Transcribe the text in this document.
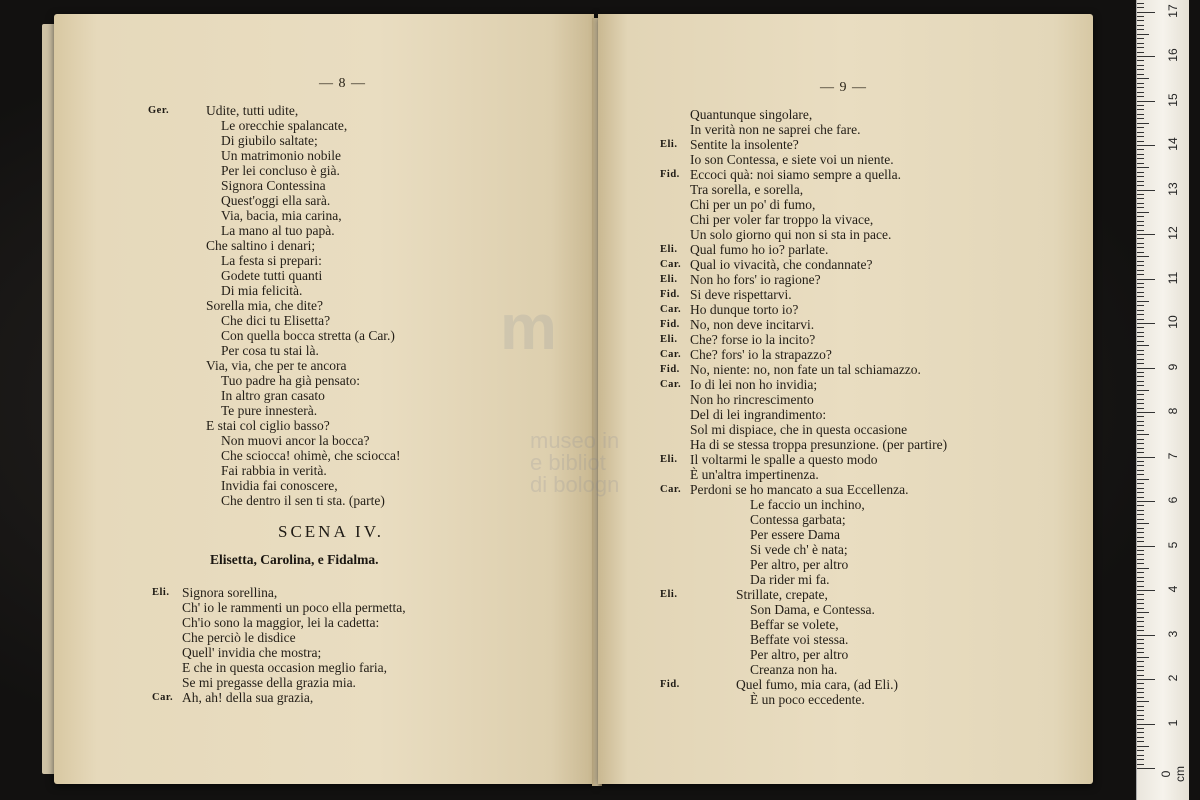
— 8 —
Ger.	Udite, tutti udite,
Le orecchie spalancate,
Di giubilo saltate;
Un matrimonio nobile
Per lei concluso è già.
Signora Contessina
Quest'oggi ella sarà.
Via, bacia, mia carina,
La mano al tuo papà.
Che saltino i denari;
La festa si prepari:
Godete tutti quanti
Di mia felicità.
Sorella mia, che dite?
Che dici tu Elisetta?
Con quella bocca stretta (a Car.)
Per cosa tu stai là.
Via, via, che per te ancora
Tuo padre ha già pensato:
In altro gran casato
Te pure innesterà.
E stai col ciglio basso?
Non muovi ancor la bocca?
Che sciocca! ohimè, che sciocca!
Fai rabbia in verità.
Invidia fai conoscere,
Che dentro il sen ti sta. (parte)
SCENA IV.
Elisetta, Carolina, e Fidalma.
Eli. Signora sorellina,
Ch' io le rammenti un poco ella permetta,
Ch'io sono la maggior, lei la cadetta:
Che perciò le disdice
Quell' invidia che mostra;
E che in questa occasion meglio faria,
Se mi pregasse della grazia mia.
Car. Ah, ah! della sua grazia,
— 9 —
Quantunque singolare,
In verità non ne saprei che fare.
Eli. Sentite la insolente?
Io son Contessa, e siete voi un niente.
Fid. Eccoci quà: noi siamo sempre a quella.
Tra sorella, e sorella,
Chi per un po' di fumo,
Chi per voler far troppo la vivace,
Un solo giorno qui non si sta in pace.
Eli. Qual fumo ho io? parlate.
Car. Qual io vivacità, che condannate?
Eli. Non ho fors' io ragione?
Fid. Si deve rispettarvi.
Car. Ho dunque torto io?
Fid. No, non deve incitarvi.
Eli. Che? forse io la incito?
Car. Che? fors' io la strapazzo?
Fid. No, niente: no, non fate un tal schiamazzo.
Car. Io di lei non ho invidia;
Non ho rincrescimento
Del di lei ingrandimento:
Sol mi dispiace, che in questa occasione
Ha di se stessa troppa presunzione. (per partire)
Eli. Il voltarmi le spalle a questo modo
È un'altra impertinenza.
Car. Perdoni se ho mancato a sua Eccellenza.
Le faccio un inchino,
Contessa garbata;
Per essere Dama
Si vede ch' è nata;
Per altro, per altro
Da rider mi fa.
Eli.	Strillate, crepate,
Son Dama, e Contessa.
Beffar se volete,
Beffate voi stessa.
Per altro, per altro
Creanza non ha.
Fid.	Quel fumo, mia cara, (ad Eli.)
È un poco eccedente.
0 cm
1
2
3
4
5
6
7
8
9
10
11
12
13
14
15
16
17
